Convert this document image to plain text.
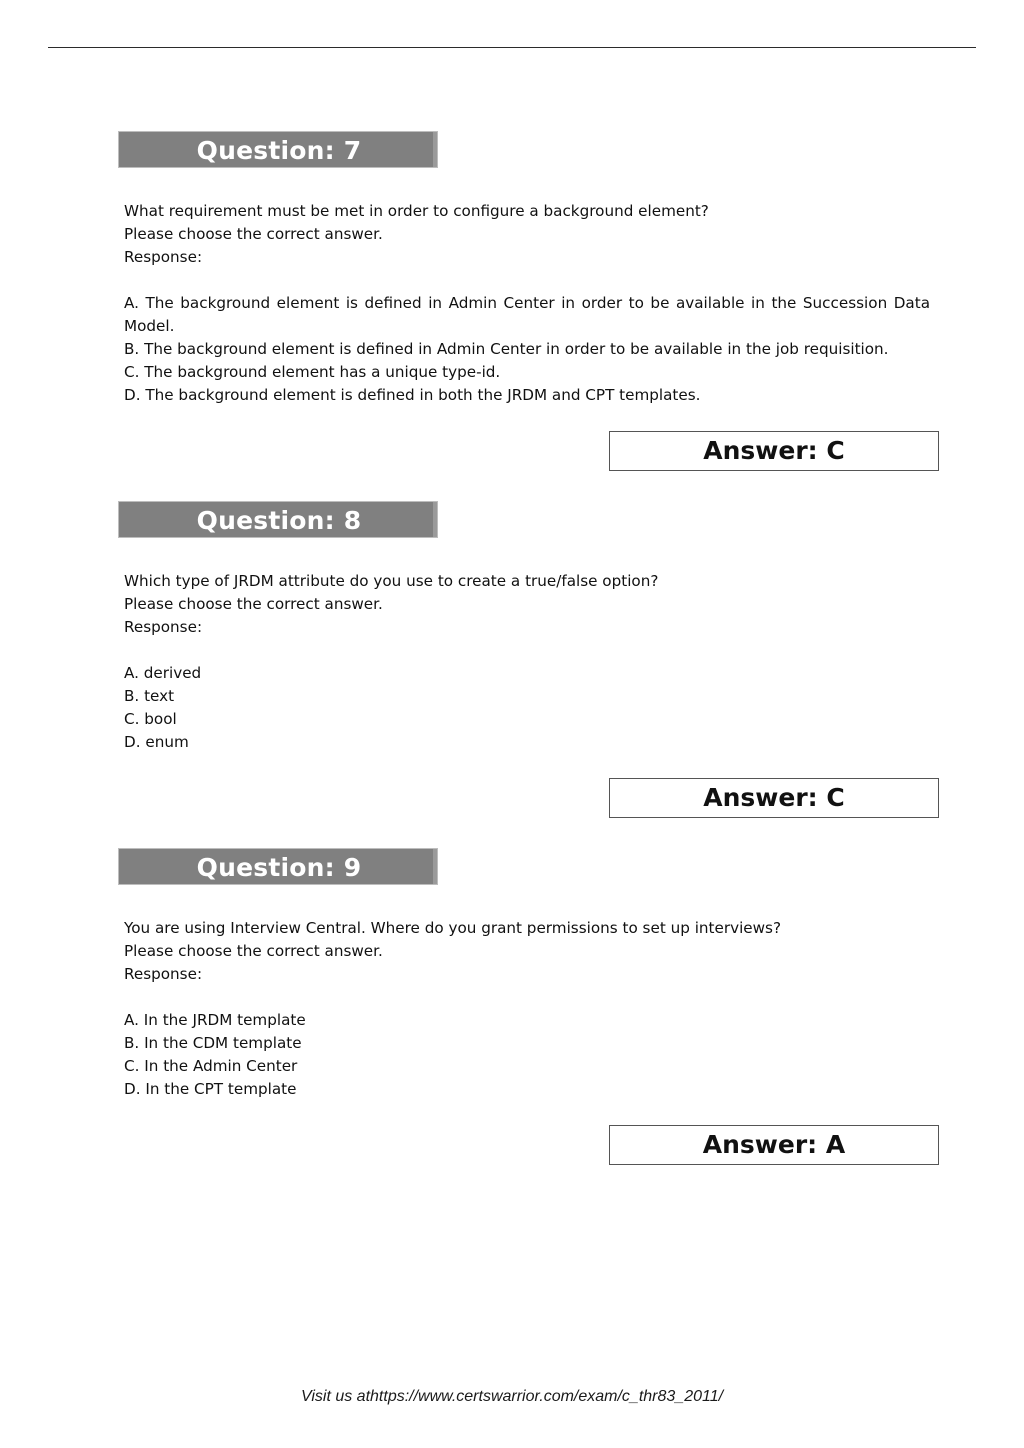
Question: 7
What requirement must be met in order to configure a background element?
Please choose the correct answer.
Response:
A. The background element is defined in Admin Center in order to be available in the Succession Data Model.
B. The background element is defined in Admin Center in order to be available in the job requisition.
C. The background element has a unique type-id.
D. The background element is defined in both the JRDM and CPT templates.
Answer: C
Question: 8
Which type of JRDM attribute do you use to create a true/false option?
Please choose the correct answer.
Response:
A. derived
B. text
C. bool
D. enum
Answer: C
Question: 9
You are using Interview Central. Where do you grant permissions to set up interviews?
Please choose the correct answer.
Response:
A. In the JRDM template
B. In the CDM template
C. In the Admin Center
D. In the CPT template
Answer: A
Visit us athttps://www.certswarrior.com/exam/c_thr83_2011/
